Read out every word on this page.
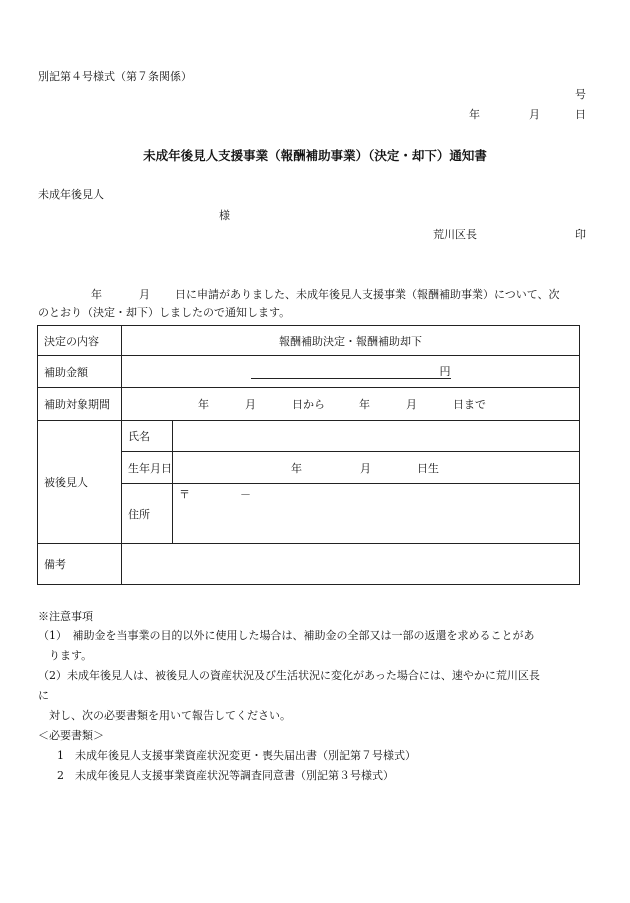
別記第４号様式（第７条関係）
号
年	月	日
未成年後見人支援事業（報酬補助事業）（決定・却下）通知書
未成年後見人
様
荒川区長	印
年	月 日に申請がありました、未成年後見人支援事業（報酬補助事業）について、次
のとおり（決定・却下）しましたので通知します。
決定の内容	報酬補助決定・報酬補助却下	
補助金額	円	
補助対象期間	年 月 日から 年 月 日まで	
被後見人	氏名	
	生年月日	年 月 日生
	住所	〒 －
備考		
※注意事項
（1）　補助金を当事業の目的以外に使用した場合は、補助金の全部又は一部の返還を求めることがあ
ります。
（2）未成年後見人は、被後見人の資産状況及び生活状況に変化があった場合には、速やかに荒川区長
に
対し、次の必要書類を用いて報告してください。
＜必要書類＞
1　未成年後見人支援事業資産状況変更・喪失届出書（別記第７号様式）
2　未成年後見人支援事業資産状況等調査同意書（別記第３号様式）
